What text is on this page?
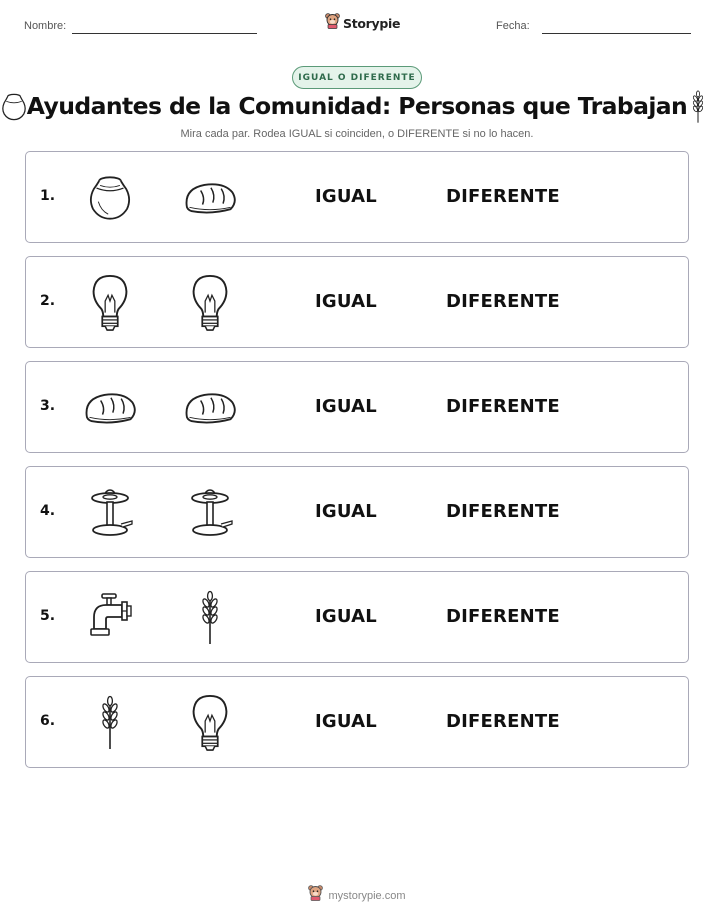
Nombre:	Storypie	Fecha:
IGUAL O DIFERENTE
Ayudantes de la Comunidad: Personas que Trabajan
Mira cada par. Rodea IGUAL si coinciden, o DIFERENTE si no lo hacen.
1.	IGUAL	DIFERENTE
2.	IGUAL	DIFERENTE
3.	IGUAL	DIFERENTE
4.	IGUAL	DIFERENTE
5.	IGUAL	DIFERENTE
6.	IGUAL	DIFERENTE
mystorypie.com
